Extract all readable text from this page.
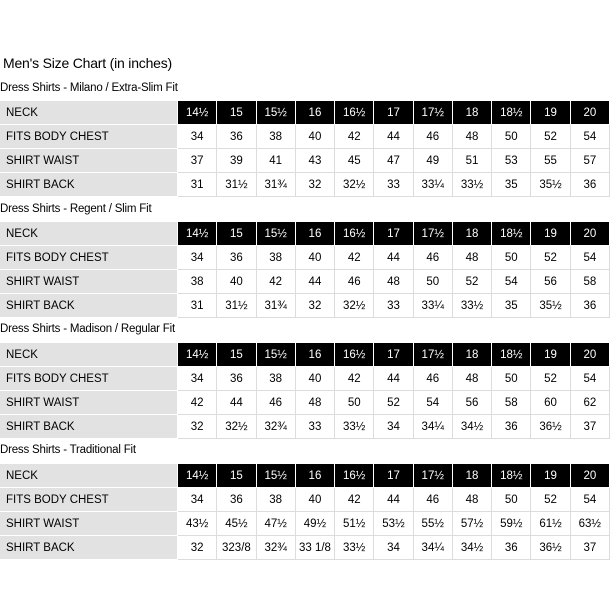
Men's Size Chart (in inches)
Dress Shirts - Milano / Extra-Slim Fit
NECK	14½	15	15½	16	16½	17	17½	18	18½	19	20
FITS BODY CHEST	34	36	38	40	42	44	46	48	50	52	54
SHIRT WAIST	37	39	41	43	45	47	49	51	53	55	57
SHIRT BACK	31	31½	31¾	32	32½	33	33¼	33½	35	35½	36
Dress Shirts - Regent / Slim Fit
NECK	14½	15	15½	16	16½	17	17½	18	18½	19	20
FITS BODY CHEST	34	36	38	40	42	44	46	48	50	52	54
SHIRT WAIST	38	40	42	44	46	48	50	52	54	56	58
SHIRT BACK	31	31½	31¾	32	32½	33	33¼	33½	35	35½	36
Dress Shirts - Madison / Regular Fit
NECK	14½	15	15½	16	16½	17	17½	18	18½	19	20
FITS BODY CHEST	34	36	38	40	42	44	46	48	50	52	54
SHIRT WAIST	42	44	46	48	50	52	54	56	58	60	62
SHIRT BACK	32	32½	32¾	33	33½	34	34¼	34½	36	36½	37
Dress Shirts - Traditional Fit
NECK	14½	15	15½	16	16½	17	17½	18	18½	19	20
FITS BODY CHEST	34	36	38	40	42	44	46	48	50	52	54
SHIRT WAIST	43½	45½	47½	49½	51½	53½	55½	57½	59½	61½	63½
SHIRT BACK	32	323/8	32¾	33 1/8	33½	34	34¼	34½	36	36½	37
